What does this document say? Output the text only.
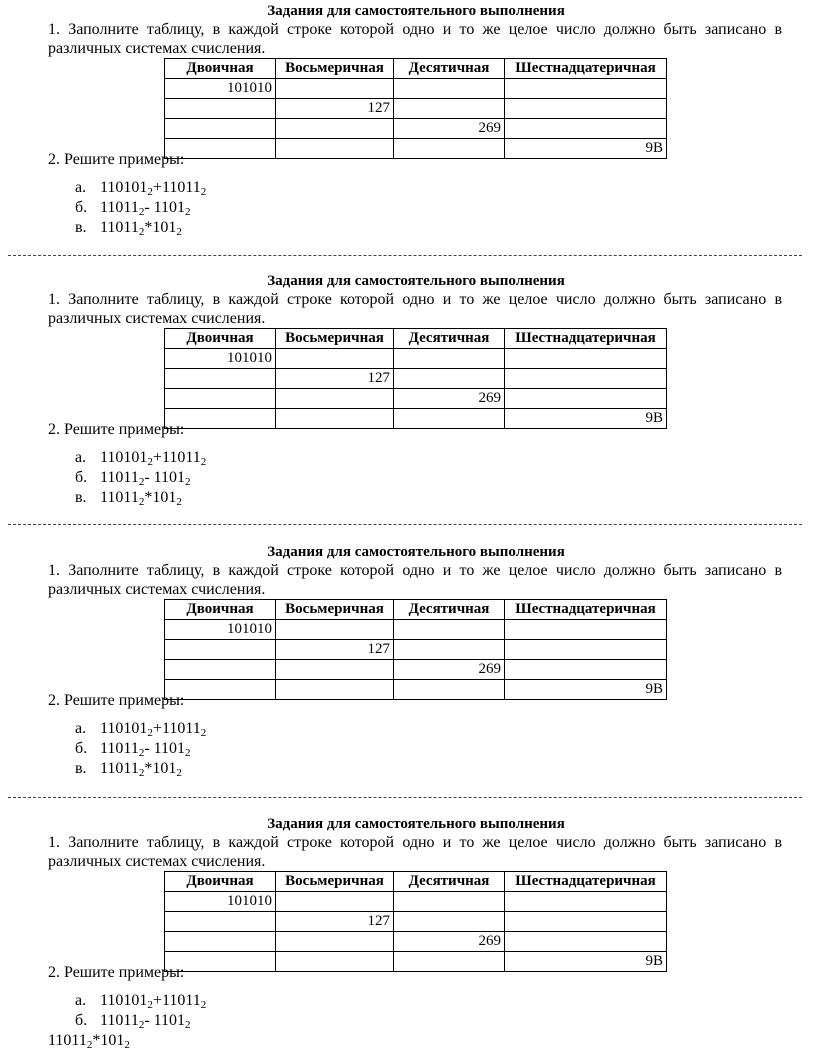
Задания для самостоятельного выполнения
1. Заполните таблицу, в каждой строке которой одно и то же целое число должно быть записано в различных системах счисления.
Двоичная	Восьмеричная	Десятичная	Шестнадцатеричная
101010			
	127		
		269	
			9B
2. Решите примеры:
а. $110101_2+11011_2$
б. $11011_2-$ $1101_2$
в. $11011_2*101_2$
Задания для самостоятельного выполнения
1. Заполните таблицу, в каждой строке которой одно и то же целое число должно быть записано в различных системах счисления.
Двоичная	Восьмеричная	Десятичная	Шестнадцатеричная
101010			
	127		
		269	
			9B
2. Решите примеры:
а. $110101_2+11011_2$
б. $11011_2-$ $1101_2$
в. $11011_2*101_2$
Задания для самостоятельного выполнения
1. Заполните таблицу, в каждой строке которой одно и то же целое число должно быть записано в различных системах счисления.
Двоичная	Восьмеричная	Десятичная	Шестнадцатеричная
101010			
	127		
		269	
			9B
2. Решите примеры:
а. $110101_2+11011_2$
б. $11011_2-$ $1101_2$
в. $11011_2*101_2$
Задания для самостоятельного выполнения
1. Заполните таблицу, в каждой строке которой одно и то же целое число должно быть записано в различных системах счисления.
Двоичная	Восьмеричная	Десятичная	Шестнадцатеричная
101010			
	127		
		269	
			9B
2. Решите примеры:
а. $110101_2+11011_2$
б. $11011_2-$ $1101_2$
$11011_2*101_2$
